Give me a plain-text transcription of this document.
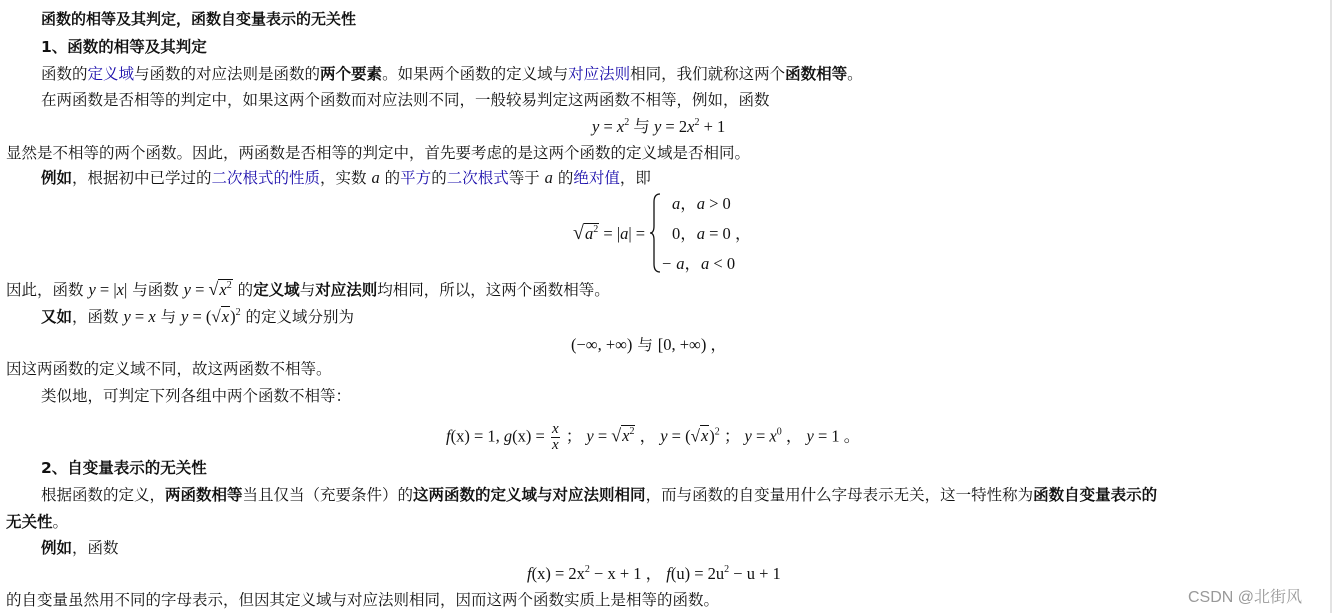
函数的相等及其判定，函数自变量表示的无关性
1、函数的相等及其判定
函数的定义域与函数的对应法则是函数的两个要素。如果两个函数的定义域与对应法则相同，我们就称这两个函数相等。
在两函数是否相等的判定中，如果这两个函数而对应法则不同，一般较易判定这两函数不相等，例如，函数
$y = x^2$ 与 $y = 2x^2 + 1$
显然是不相等的两个函数。因此，两函数是否相等的判定中，首先要考虑的是这两个函数的定义域是否相同。
例如，根据初中已学过的二次根式的性质，实数 a 的平方的二次根式等于 a 的绝对值，即
$√a^2 = |a|$ =
a，a > 0
0，a = 0 ，
− a，a < 0
因此，函数 y = |x| 与函数 $y = √x^2$ 的定义域与对应法则均相同，所以，这两个函数相等。
又如，函数 y = x 与 $y = (√x)^2$ 的定义域分别为
(−∞, +∞) 与 [0, +∞) ，
因这两函数的定义域不同，故这两函数不相等。
类似地，可判定下列各组中两个函数不相等：
f(x) = 1, $g(x) = \frac{x}{x}$ ； $y = √x^2$ ， $y = (√x)^2$ ； $y = x^0$ ， y = 1 。
2、自变量表示的无关性
根据函数的定义，两函数相等当且仅当（充要条件）的这两函数的定义域与对应法则相同，而与函数的自变量用什么字母表示无关，这一特性称为函数自变量表示的
无关性。
例如，函数
$f(x) = 2x^2 - x + 1$ ， $f(u) = 2u^2 - u + 1$
的自变量虽然用不同的字母表示，但因其定义域与对应法则相同，因而这两个函数实质上是相等的函数。	CSDN @北街风
